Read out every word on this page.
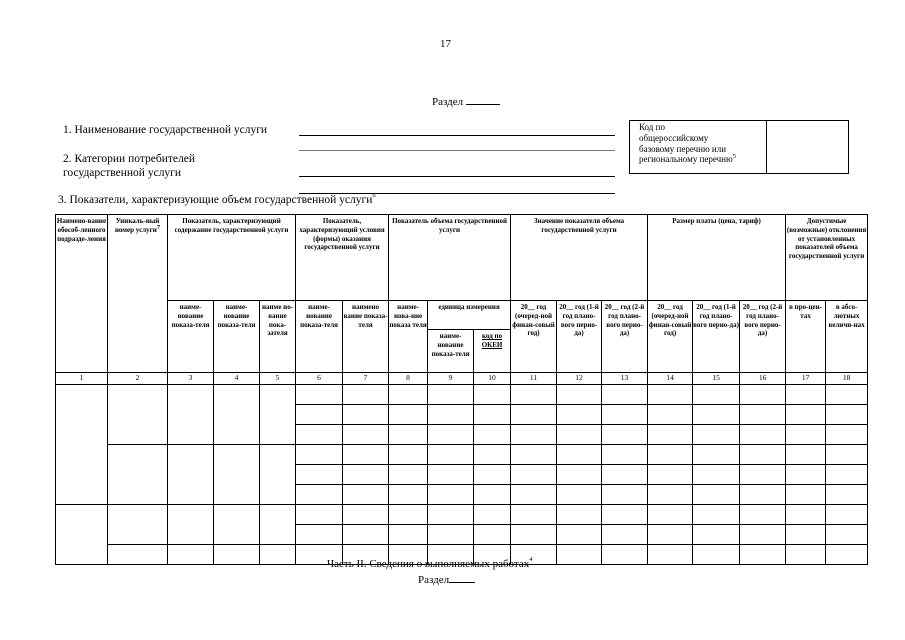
17
Раздел
1. Наименование государственной услуги
2. Категории потребителей
государственной услуги
Код по
общероссийскому
базовому перечню или
региональному перечню$^5$
3. Показатели, характеризующие объем государственной услуги$^6$
Наимено-вание обособ-ленного подразде-ления	Уникаль-ный номер услуги$^7$	Показатель, характеризующий содержание государственной услуги			Показатель, характеризующий условия (формы) оказания государственной услуги		Показатель объема государственной услуги			Значение показателя объема государственной услуги			Размер платы (цена, тариф)			Допустимые (возможные) отклонения от установленных показателей объема государственной услуги	
		наиме-нование показа-теля	наиме-нование показа-теля	наиме но-вание пока-зателя	наиме-нование показа-теля	наимено вание показа-теля	наиме-нова-ние показа теля	единица измерения		20__ год (очеред-ной финан-совый год)	20__ год (1-й год плано-вого перио-да)	20__ год (2-й год плано-вого перио-да)	20__ год (очеред-ной финан-совый год)	20__ год (1-й год плано-вого перио-да)	20__ год (2-й год плано-вого перио-да)	в про-цен-тах	в абсо-лютных величи-нах
								наиме-нование показа-теля	код по ОКЕИ								
1	2	3	4	5	6	7	8	9	10	11	12	13	14	15	16	17	18

Часть II. Сведения о выполняемых работах$^4$
Раздел
